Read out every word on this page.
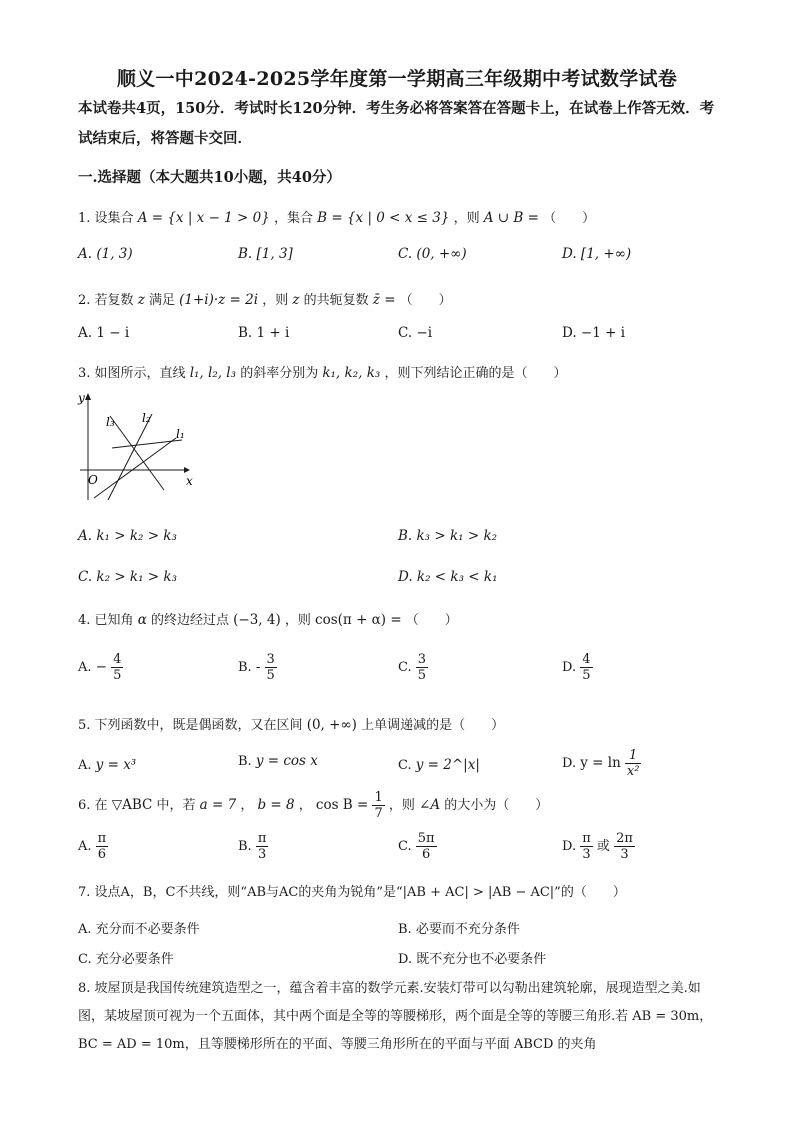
顺义一中2024-2025学年度第一学期高三年级期中考试数学试卷
本试卷共4页，150分．考试时长120分钟．考生务必将答案答在答题卡上，在试卷上作答无效．考试结束后，将答题卡交回．
一.选择题（本大题共10小题，共40分）
1. 设集合 A = {x | x − 1 > 0} ，集合 B = {x | 0 < x ≤ 3} ，则 A ∪ B = （　　）
A. (1, 3)	B. [1, 3]	C. (0, +∞)	D. [1, +∞)
2. 若复数 z 满足 (1+i)·z = 2i ，则 z 的共轭复数 z̄ = （　　）
A. 1 − i	B. 1 + i	C. −i	D. −1 + i
3. 如图所示，直线 l₁, l₂, l₃ 的斜率分别为 k₁, k₂, k₃ ，则下列结论正确的是（　　）
O	x
y
l₃ l₂
l₁
A. k₁ > k₂ > k₃	B. k₃ > k₁ > k₂
C. k₂ > k₁ > k₃	D. k₂ < k₃ < k₁
4. 已知角 α 的终边经过点 (−3, 4) ，则 cos(π + α) = （　　）
A. − $\frac{4}{5}$	B. - $\frac{3}{5}$	C. $\frac{3}{5}$	D. $\frac{4}{5}$
5. 下列函数中，既是偶函数，又在区间 (0, +∞) 上单调递减的是（　　）
A. y = x³	B. y = cos x	C. y = 2^|x|	D. $y = \ln \frac{1}{\text{x²}}$
6. 在 ▽ABC 中，若 a = 7 ， b = 8 ， $\cos B = \frac{1}{7}$ ，则 ∠A 的大小为（　　）
A. $\frac{\pi}{6}$	B. $\frac{\pi}{3}$	C. $\frac{5\pi}{6}$	D. $\frac{\pi}{3}$ 或 $\frac{2\pi}{3}$
7. 设点A，B，C不共线，则“AB与AC的夹角为锐角”是“|AB + AC| > |AB − AC|”的（　　）
A. 充分而不必要条件	B. 必要而不充分条件
C. 充分必要条件	D. 既不充分也不必要条件
8. 坡屋顶是我国传统建筑造型之一，蕴含着丰富的数学元素.安装灯带可以勾勒出建筑轮廓，展现造型之美.如图，某坡屋顶可视为一个五面体，其中两个面是全等的等腰梯形，两个面是全等的等腰三角形.若 AB = 30m，BC = AD = 10m，且等腰梯形所在的平面、等腰三角形所在的平面与平面 ABCD 的夹角
